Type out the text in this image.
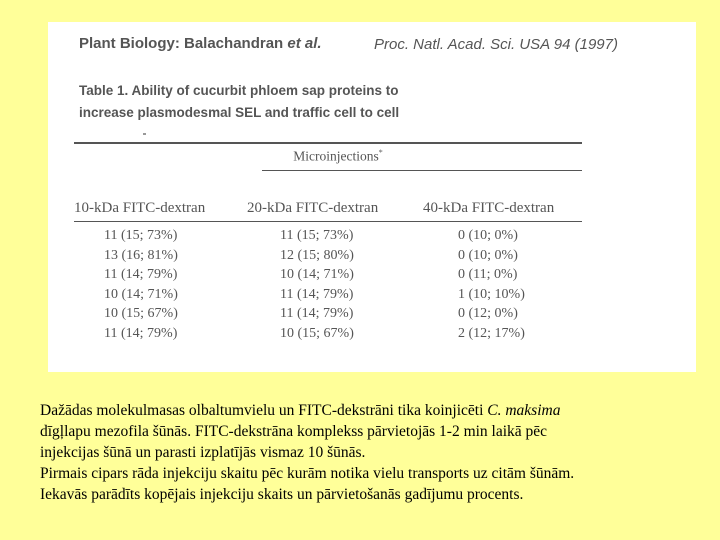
Plant Biology: Balachandran et al.	Proc. Natl. Acad. Sci. USA 94 (1997)
Table 1. Ability of cucurbit phloem sap proteins to
increase plasmodesmal SEL and traffic cell to cell
Microinjections*
10-kDa FITC-dextran	20-kDa FITC-dextran	40-kDa FITC-dextran
11 (15; 73%)	11 (15; 73%)	0 (10; 0%)
13 (16; 81%)	12 (15; 80%)	0 (10; 0%)
11 (14; 79%)	10 (14; 71%)	0 (11; 0%)
10 (14; 71%)	11 (14; 79%)	1 (10; 10%)
10 (15; 67%)	11 (14; 79%)	0 (12; 0%)
11 (14; 79%)	10 (15; 67%)	2 (12; 17%)
Dažādas molekulmasas olbaltumvielu un FITC-dekstrāni tika koinjicēti C. maksima
dīgļlapu mezofila šūnās. FITC-dekstrāna komplekss pārvietojās 1-2 min laikā pēc
injekcijas šūnā un parasti izplatījās vismaz 10 šūnās.
Pirmais cipars rāda injekciju skaitu pēc kurām notika vielu transports uz citām šūnām.
Iekavās parādīts kopējais injekciju skaits un pārvietošanās gadījumu procents.
